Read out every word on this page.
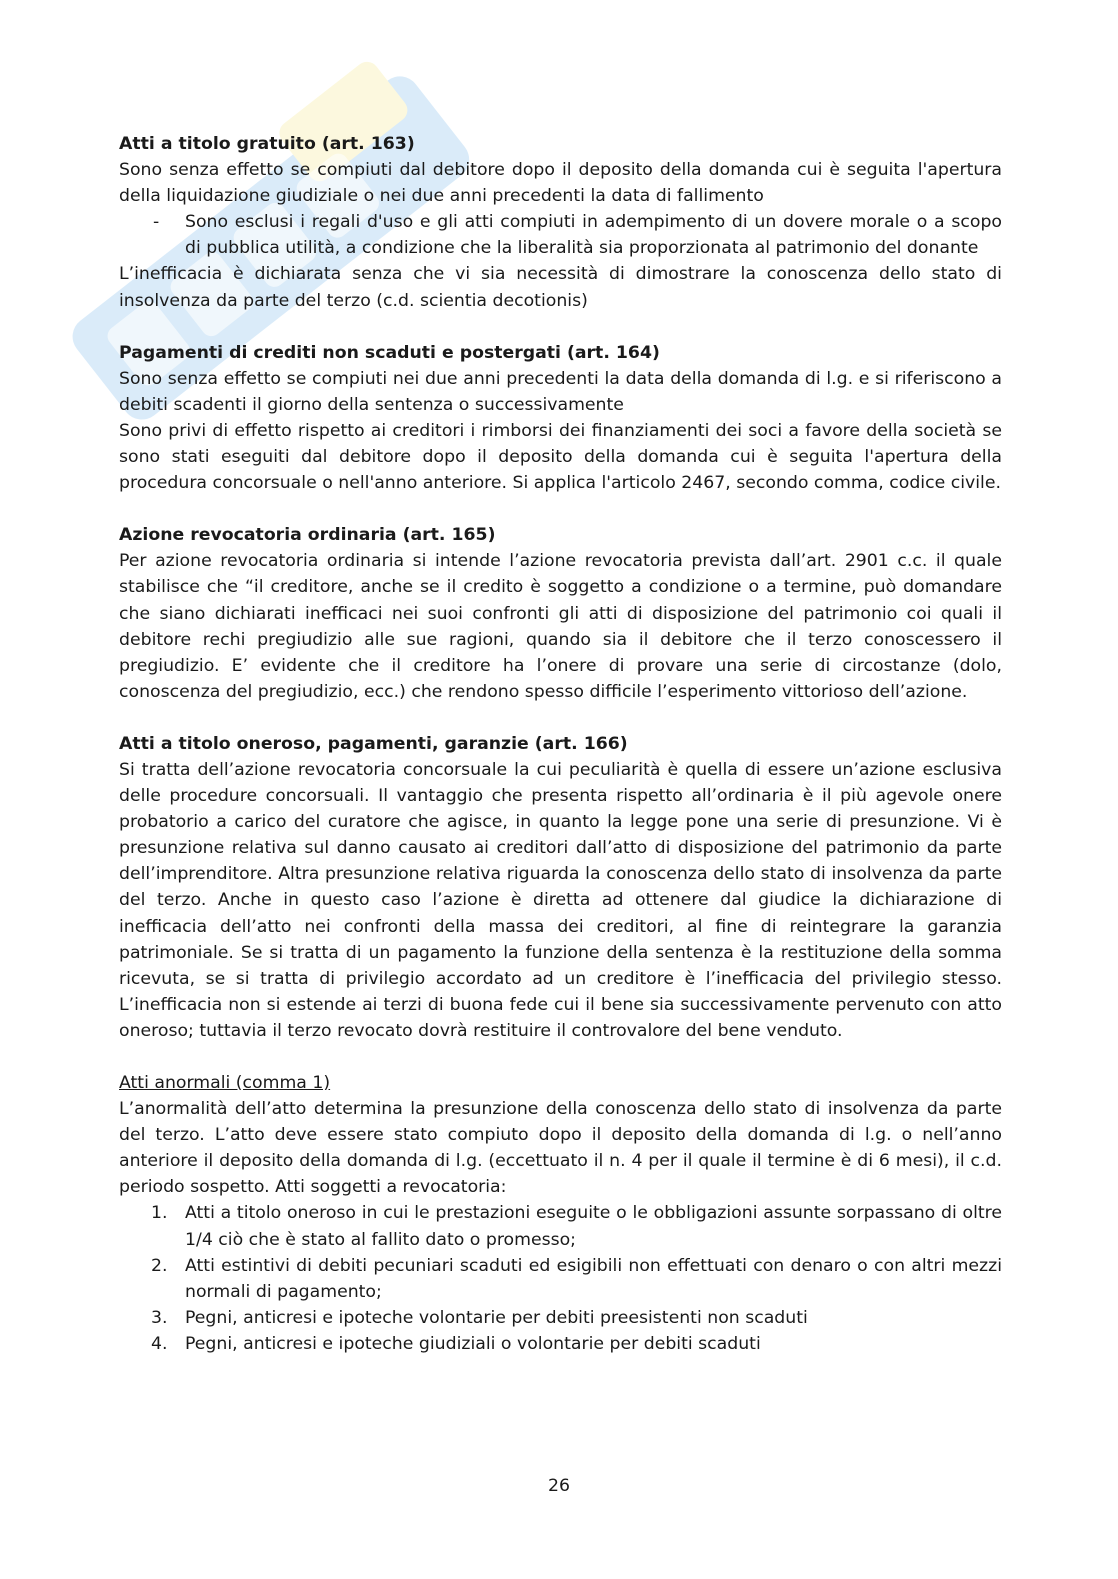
Atti a titolo gratuito (art. 163)

Sono senza effetto se compiuti dal debitore dopo il deposito della domanda cui è seguita l'apertura della liquidazione giudiziale o nei due anni precedenti la data di fallimento

- Sono esclusi i regali d'uso e gli atti compiuti in adempimento di un dovere morale o a scopo di pubblica utilità, a condizione che la liberalità sia proporzionata al patrimonio del donante

L’inefficacia è dichiarata senza che vi sia necessità di dimostrare la conoscenza dello stato di insolvenza da parte del terzo (c.d. scientia decotionis)

Pagamenti di crediti non scaduti e postergati (art. 164)

Sono senza effetto se compiuti nei due anni precedenti la data della domanda di l.g. e si riferiscono a debiti scadenti il giorno della sentenza o successivamente

Sono privi di effetto rispetto ai creditori i rimborsi dei finanziamenti dei soci a favore della società se sono stati eseguiti dal debitore dopo il deposito della domanda cui è seguita l'apertura della procedura concorsuale o nell'anno anteriore. Si applica l'articolo 2467, secondo comma, codice civile.

Azione revocatoria ordinaria (art. 165)

Per azione revocatoria ordinaria si intende l’azione revocatoria prevista dall’art. 2901 c.c. il quale stabilisce che “il creditore, anche se il credito è soggetto a condizione o a termine, può domandare che siano dichiarati inefficaci nei suoi confronti gli atti di disposizione del patrimonio coi quali il debitore rechi pregiudizio alle sue ragioni, quando sia il debitore che il terzo conoscessero il pregiudizio. E’ evidente che il creditore ha l’onere di provare una serie di circostanze (dolo, conoscenza del pregiudizio, ecc.) che rendono spesso difficile l’esperimento vittorioso dell’azione.

Atti a titolo oneroso, pagamenti, garanzie (art. 166)

Si tratta dell’azione revocatoria concorsuale la cui peculiarità è quella di essere un’azione esclusiva delle procedure concorsuali. Il vantaggio che presenta rispetto all’ordinaria è il più agevole onere probatorio a carico del curatore che agisce, in quanto la legge pone una serie di presunzione. Vi è presunzione relativa sul danno causato ai creditori dall’atto di disposizione del patrimonio da parte dell’imprenditore. Altra presunzione relativa riguarda la conoscenza dello stato di insolvenza da parte del terzo. Anche in questo caso l’azione è diretta ad ottenere dal giudice la dichiarazione di inefficacia dell’atto nei confronti della massa dei creditori, al fine di reintegrare la garanzia patrimoniale. Se si tratta di un pagamento la funzione della sentenza è la restituzione della somma ricevuta, se si tratta di privilegio accordato ad un creditore è l’inefficacia del privilegio stesso. L’inefficacia non si estende ai terzi di buona fede cui il bene sia successivamente pervenuto con atto oneroso; tuttavia il terzo revocato dovrà restituire il controvalore del bene venduto.

Atti anormali (comma 1)

L’anormalità dell’atto determina la presunzione della conoscenza dello stato di insolvenza da parte del terzo. L’atto deve essere stato compiuto dopo il deposito della domanda di l.g. o nell’anno anteriore il deposito della domanda di l.g. (eccettuato il n. 4 per il quale il termine è di 6 mesi), il c.d. periodo sospetto. Atti soggetti a revocatoria:

1. Atti a titolo oneroso in cui le prestazioni eseguite o le obbligazioni assunte sorpassano di oltre 1/4 ciò che è stato al fallito dato o promesso;
2. Atti estintivi di debiti pecuniari scaduti ed esigibili non effettuati con denaro o con altri mezzi normali di pagamento;
3. Pegni, anticresi e ipoteche volontarie per debiti preesistenti non scaduti
4. Pegni, anticresi e ipoteche giudiziali o volontarie per debiti scaduti
26
